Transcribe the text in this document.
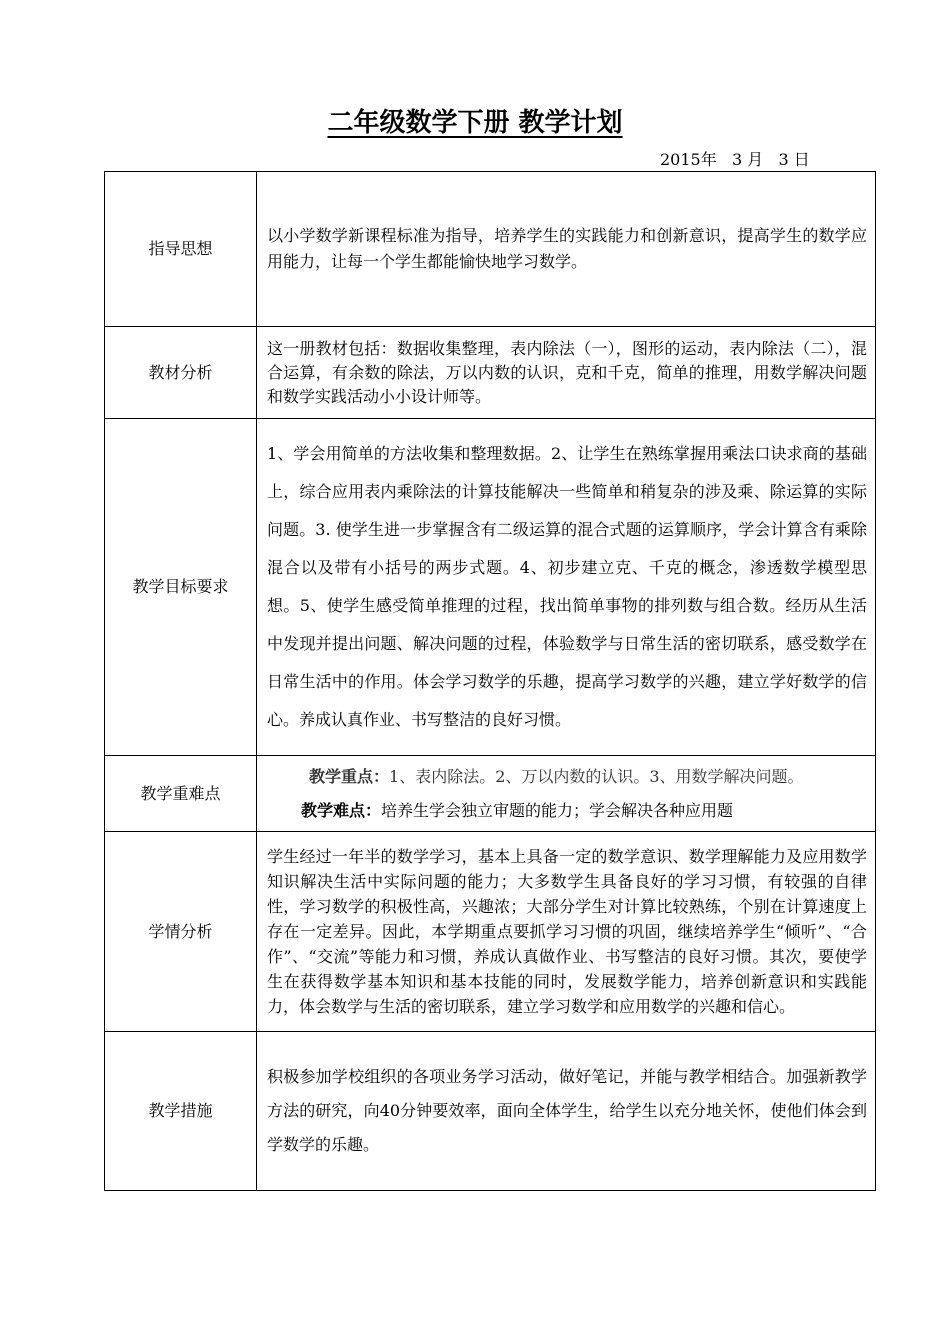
二年级数学下册 教学计划
2015年   3 月   3 日
指导思想	以小学数学新课程标准为指导，培养学生的实践能力和创新意识，提高学生的数学应用能力，让每一个学生都能愉快地学习数学。
教材分析	这一册教材包括：数据收集整理，表内除法（一），图形的运动，表内除法（二），混合运算，有余数的除法，万以内数的认识，克和千克，简单的推理，用数学解决问题和数学实践活动小小设计师等。
教学目标要求	1、学会用简单的方法收集和整理数据。2、让学生在熟练掌握用乘法口诀求商的基础上，综合应用表内乘除法的计算技能解决一些简单和稍复杂的涉及乘、除运算的实际问题。3. 使学生进一步掌握含有二级运算的混合式题的运算顺序，学会计算含有乘除混合以及带有小括号的两步式题。4、初步建立克、千克的概念，渗透数学模型思想。5、使学生感受简单推理的过程，找出简单事物的排列数与组合数。经历从生活中发现并提出问题、解决问题的过程，体验数学与日常生活的密切联系，感受数学在日常生活中的作用。体会学习数学的乐趣，提高学习数学的兴趣，建立学好数学的信心。养成认真作业、书写整洁的良好习惯。
教学重难点	教学重点：1、表内除法。2、万以内数的认识。3、用数学解决问题。
教学难点：培养生学会独立审题的能力；学会解决各种应用题

学情分析	学生经过一年半的数学学习，基本上具备一定的数学意识、数学理解能力及应用数学知识解决生活中实际问题的能力；大多数学生具备良好的学习习惯，有较强的自律性，学习数学的积极性高，兴趣浓；大部分学生对计算比较熟练，个别在计算速度上存在一定差异。因此，本学期重点要抓学习习惯的巩固，继续培养学生“倾听”、“合作”、“交流”等能力和习惯，养成认真做作业、书写整洁的良好习惯。其次，要使学生在获得数学基本知识和基本技能的同时，发展数学能力，培养创新意识和实践能力，体会数学与生活的密切联系，建立学习数学和应用数学的兴趣和信心。
教学措施	积极参加学校组织的各项业务学习活动，做好笔记，并能与教学相结合。加强新教学方法的研究，向40分钟要效率，面向全体学生，给学生以充分地关怀，使他们体会到学数学的乐趣。
